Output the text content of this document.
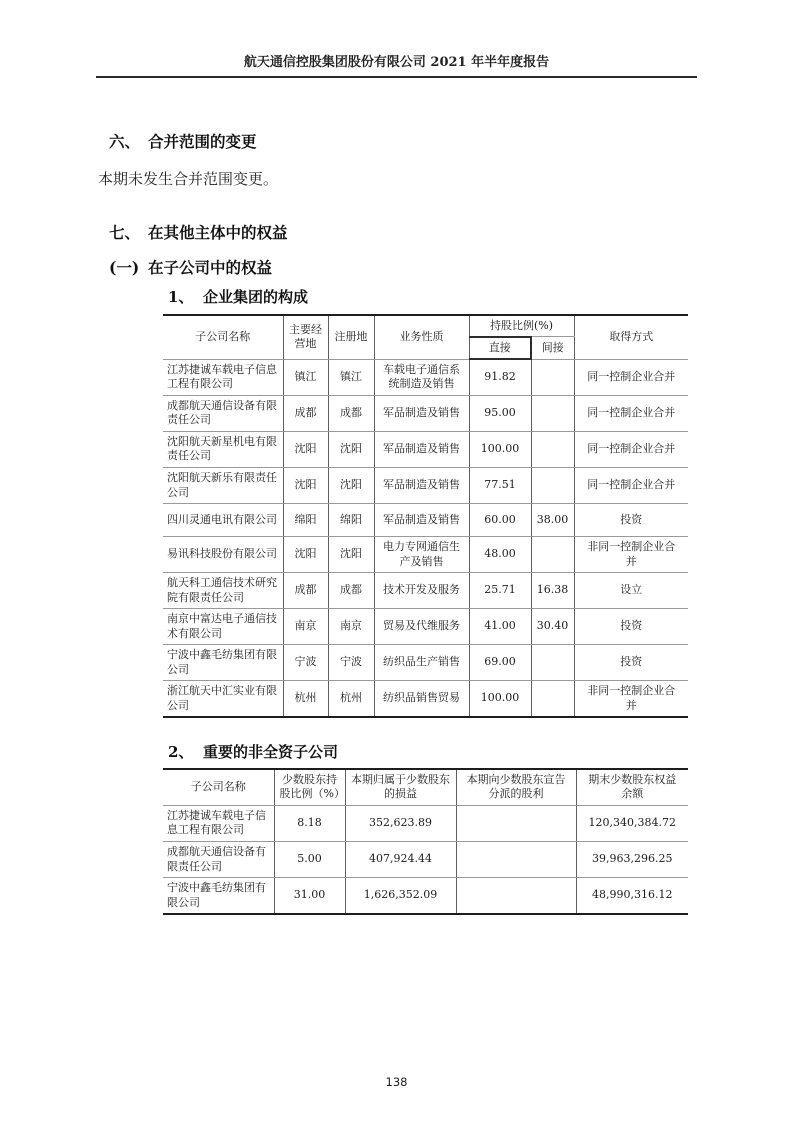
航天通信控股集团股份有限公司 2021 年半年度报告
六、 合并范围的变更
本期未发生合并范围变更。
七、 在其他主体中的权益
(一) 在子公司中的权益
1、 企业集团的构成
子公司名称	主要经营地	注册地	业务性质	持股比例(%)		取得方式
				直接	间接	
江苏捷诚车载电子信息工程有限公司	镇江	镇江	车载电子通信系统制造及销售	91.82		同一控制企业合并
成都航天通信设备有限责任公司	成都	成都	军品制造及销售	95.00		同一控制企业合并
沈阳航天新星机电有限责任公司	沈阳	沈阳	军品制造及销售	100.00		同一控制企业合并
沈阳航天新乐有限责任公司	沈阳	沈阳	军品制造及销售	77.51		同一控制企业合并
四川灵通电讯有限公司	绵阳	绵阳	军品制造及销售	60.00	38.00	投资
易讯科技股份有限公司	沈阳	沈阳	电力专网通信生产及销售	48.00		非同一控制企业合并
航天科工通信技术研究院有限责任公司	成都	成都	技术开发及服务	25.71	16.38	设立
南京中富达电子通信技术有限公司	南京	南京	贸易及代维服务	41.00	30.40	投资
宁波中鑫毛纺集团有限公司	宁波	宁波	纺织品生产销售	69.00		投资
浙江航天中汇实业有限公司	杭州	杭州	纺织品销售贸易	100.00		非同一控制企业合并
2、 重要的非全资子公司
子公司名称	少数股东持股比例（%）	本期归属于少数股东的损益	本期向少数股东宣告分派的股利	期末少数股东权益余额
江苏捷诚车载电子信息工程有限公司	8.18	352,623.89		120,340,384.72
成都航天通信设备有限责任公司	5.00	407,924.44		39,963,296.25
宁波中鑫毛纺集团有限公司	31.00	1,626,352.09		48,990,316.12
138
